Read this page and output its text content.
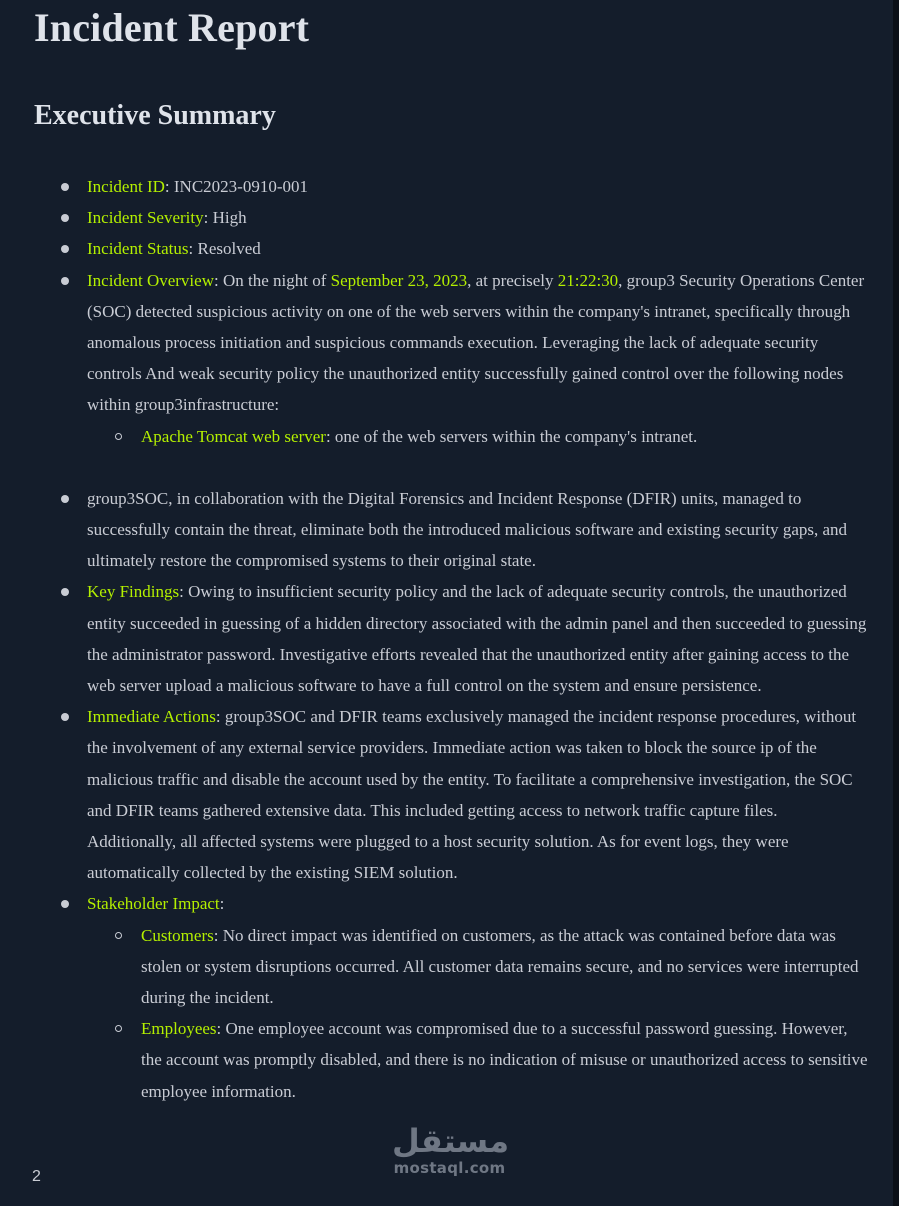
Incident Report
Executive Summary
Incident ID: INC2023-0910-001
Incident Severity: High
Incident Status: Resolved
Incident Overview: On the night of September 23, 2023, at precisely 21:22:30, group3 Security Operations Center (SOC) detected suspicious activity on one of the web servers within the company's intranet, specifically through anomalous process initiation and suspicious commands execution. Leveraging the lack of adequate security controls And weak security policy the unauthorized entity successfully gained control over the following nodes within group3infrastructure:
Apache Tomcat web server: one of the web servers within the company's intranet.
group3SOC, in collaboration with the Digital Forensics and Incident Response (DFIR) units, managed to successfully contain the threat, eliminate both the introduced malicious software and existing security gaps, and ultimately restore the compromised systems to their original state.
Key Findings: Owing to insufficient security policy and the lack of adequate security controls, the unauthorized entity succeeded in guessing of a hidden directory associated with the admin panel and then succeeded to guessing the administrator password. Investigative efforts revealed that the unauthorized entity after gaining access to the web server upload a malicious software to have a full control on the system and ensure persistence.
Immediate Actions: group3SOC and DFIR teams exclusively managed the incident response procedures, without the involvement of any external service providers. Immediate action was taken to block the source ip of the malicious traffic and disable the account used by the entity. To facilitate a comprehensive investigation, the SOC and DFIR teams gathered extensive data. This included getting access to network traffic capture files. Additionally, all affected systems were plugged to a host security solution. As for event logs, they were automatically collected by the existing SIEM solution.
Stakeholder Impact:
Customers: No direct impact was identified on customers, as the attack was contained before data was stolen or system disruptions occurred. All customer data remains secure, and no services were interrupted during the incident.
Employees: One employee account was compromised due to a successful password guessing. However, the account was promptly disabled, and there is no indication of misuse or unauthorized access to sensitive employee information.
مستقل
mostaql.com
2
